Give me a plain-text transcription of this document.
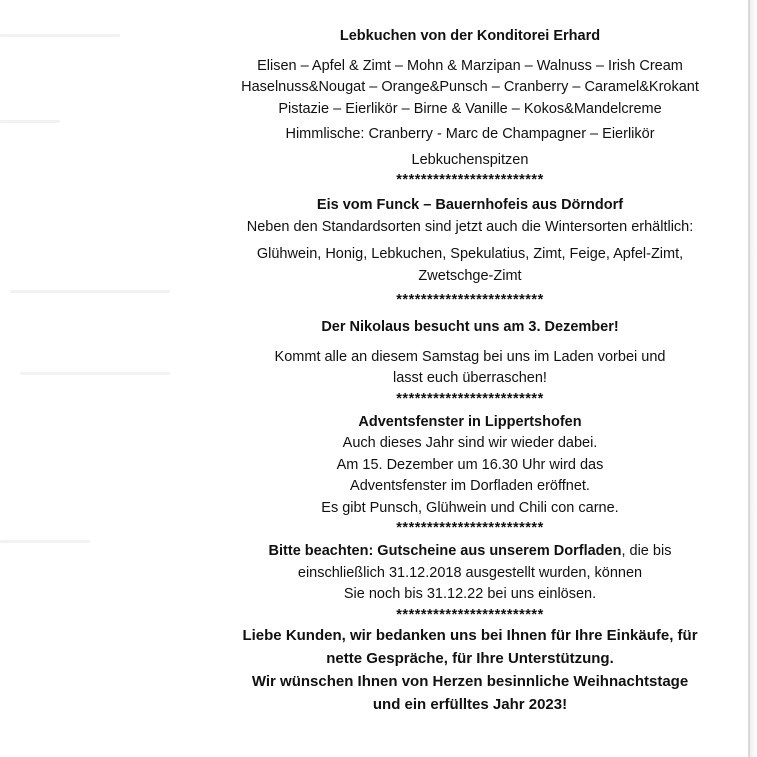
Lebkuchen von der Konditorei Erhard
Elisen – Apfel & Zimt – Mohn & Marzipan – Walnuss – Irish Cream
Haselnuss&Nougat – Orange&Punsch – Cranberry – Caramel&Krokant
Pistazie – Eierlikör – Birne & Vanille – Kokos&Mandelcreme
Himmlische: Cranberry - Marc de Champagner – Eierlikör
Lebkuchenspitzen
************************
Eis vom Funck – Bauernhofeis aus Dörndorf
Neben den Standardsorten sind jetzt auch die Wintersorten erhältlich:
Glühwein, Honig, Lebkuchen, Spekulatius, Zimt, Feige, Apfel-Zimt,
Zwetschge-Zimt
************************
Der Nikolaus besucht uns am 3. Dezember!
Kommt alle an diesem Samstag bei uns im Laden vorbei und
lasst euch überraschen!
************************
Adventsfenster in Lippertshofen
Auch dieses Jahr sind wir wieder dabei.
Am 15. Dezember um 16.30 Uhr wird das
Adventsfenster im Dorfladen eröffnet.
Es gibt Punsch, Glühwein und Chili con carne.
************************
Bitte beachten: Gutscheine aus unserem Dorfladen, die bis
einschließlich 31.12.2018 ausgestellt wurden, können
Sie noch bis 31.12.22 bei uns einlösen.
************************
Liebe Kunden, wir bedanken uns bei Ihnen für Ihre Einkäufe, für
nette Gespräche, für Ihre Unterstützung.
Wir wünschen Ihnen von Herzen besinnliche Weihnachtstage
und ein erfülltes Jahr 2023!
